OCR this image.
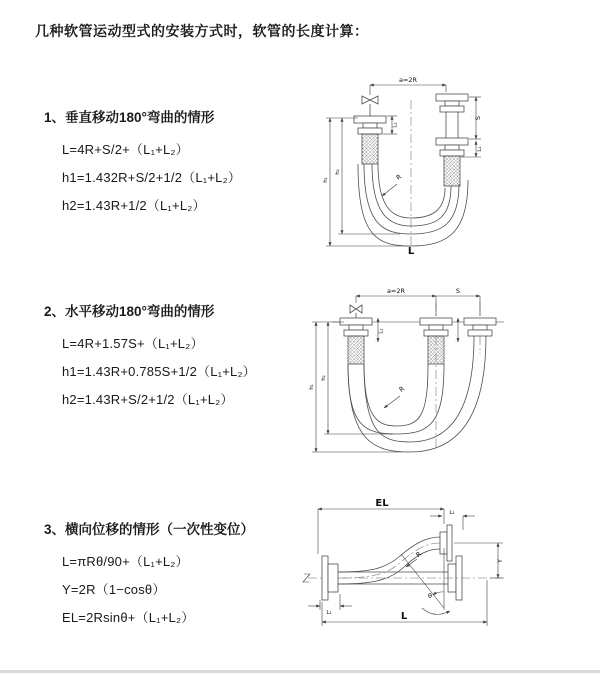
几种软管运动型式的安装方式时，软管的长度计算：
1、垂直移动180°弯曲的情形
L=4R+S/2+（L₁+L₂）
h1=1.432R+S/2+1/2（L₁+L₂）
h2=1.43R+1/2（L₁+L₂）
2、水平移动180°弯曲的情形
L=4R+1.57S+（L₁+L₂）
h1=1.43R+0.785S+1/2（L₁+L₂）
h2=1.43R+S/2+1/2（L₁+L₂）
3、横向位移的情形（一次性变位）
L=πRθ/90+（L₁+L₂）
Y=2R（1−cosθ）
EL=2Rsinθ+（L₁+L₂）
a=2R
S
L₂
L₁
h₁
h₂
R
L
a=2R	S
L₁
h₁
h₂
R
EL
L₂
θ
Y
R
L
L₁
